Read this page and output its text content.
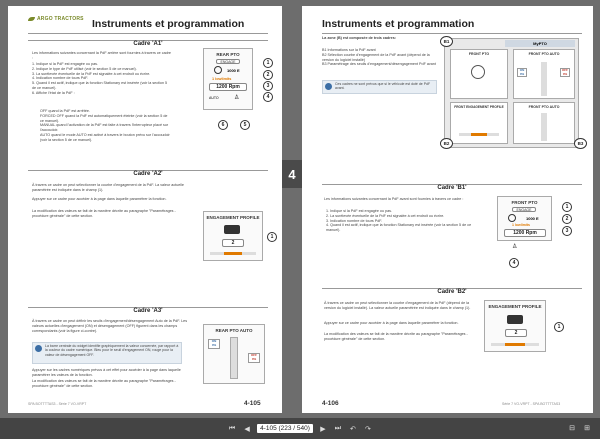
ARGO TRACTORS Instruments et programmation
Cadre 'A1'
Les informations suivantes concernant la PdF arrière sont fournies à travers ce cadre :
1. Indique si la PdF est engagée ou pas.
2. Indique le type de PdF utilisé (voir le section 5 de ce manuel).
3. La surélevée éventuelle de la PdF est signalée à cet endroit ou écrire.
4. Indication nombre de tours PdF.
5. Quand il est actif, indique que la fonction Stationary est insérée (voir la section 5 de ce manuel).
6. Affiche l'état de la PdF :
OFF quand la PdF est arrêtée.
FORCED OFF quand la PdF est automatiquement éteinte (voir la section 5 de ce manuel).
MANUAL quand l'activation de la PdF est faite à travers l'interrupteur placé sur l'accoudoir.
AUTO quand le mode AUTO est activé à travers le bouton prévu sur l'accoudoir (voir la section 5 de ce manuel).
REAR PTO
ENGAGE
1000 E
1 lowlimits
1200 Rpm
AUTO	♙
1
2
3
4
5
6
Cadre 'A2'
À travers ce cadre on peut sélectionner la courbe d'engagement de la PdF. La valeur actuelle paramétrée est indiquée dans le champ (1).
Appuyer sur ce cadre pour accéder à la page dans laquelle paramétrer la fonction.
La modification des valeurs se fait de la manière décrite au paragraphe "Paramétrages - procédure générale" de cette section.	ENGAGEMENT PROFILE
2
1
Cadre 'A3'
À travers ce cadre on peut définir les seuils d'engagement/désengagement Auto de la PdF. Les valeurs actuelles d'engagement (ON) et désengagement (OFF) figurent dans les champs correspondants (voir la figure ci-contre).
La barre centrale du widget identifie graphiquement la valeur concernée, par rapport à la couleur du cadre numérique. Bleu pour le seuil d'engagement ON, rouge pour la valeur de désengagement OFF.
Appuyer sur les cadres numériques prévus à cet effet pour accéder à la page dans laquelle paramétrer les valeurs de la fonction.
La modification des valeurs se fait de la manière décrite au paragraphe "Paramétrages - procédure générale" de cette section.
REAR PTO AUTO
ON
0%
OFF
0%
SPA BOTTTTAS3 - Série 7 VO-VRPT	4-105
4
Instruments et programmation
La zone (B) est composée de trois cadres:
B1 Informations sur la PdF avant
B2 Sélection courbe d'engagement de la PdF avant (dépend de la version du logiciel installé)
B3 Paramétrage des seuils d'engagement/désengagement PdF avant
Ces cadres ne sont prévus que si le véhicule est doté de PdF avant.
MyPTO
FRONT PTO	FRONT PTO AUTO
ON
0%
OFF
0%
FRONT ENGAGEMENT PROFILE	FRONT PTO AUTO
B1
B2	B3
Cadre 'B1'
Les informations suivantes concernant la PdF avant sont fournies à travers ce cadre :
1. Indique si la PdF est engagée ou pas.
2. La surélevée éventuelle de la PdF est signalée à cet endroit ou écrire.
3. Indication nombre de tours PdF.
4. Quand il est actif, indique que la fonction Stationary est insérée (voir la section 5 de ce manuel).
FRONT PTO
ENGAGE
1000 E
1 lowlimits
1200 Rpm
♙
1
2
3
4
Cadre 'B2'
À travers ce cadre on peut sélectionner la courbe d'engagement de la PdF (dépend de la version du logiciel installé). La valeur actuelle paramétrée est indiquée dans le champ (1).
Appuyer sur ce cadre pour accéder à la page dans laquelle paramétrer la fonction.
La modification des valeurs se fait de la manière décrite au paragraphe "Paramétrages - procédure générale" de cette section.
ENGAGEMENT PROFILE
2
1
4-106	Série 7 VO-VRPT - SPA BOTTTTAS3
⏮	◀	4-105 (223 / 540)	▶	⏭ ↶ ↷	⊟ ⊞
